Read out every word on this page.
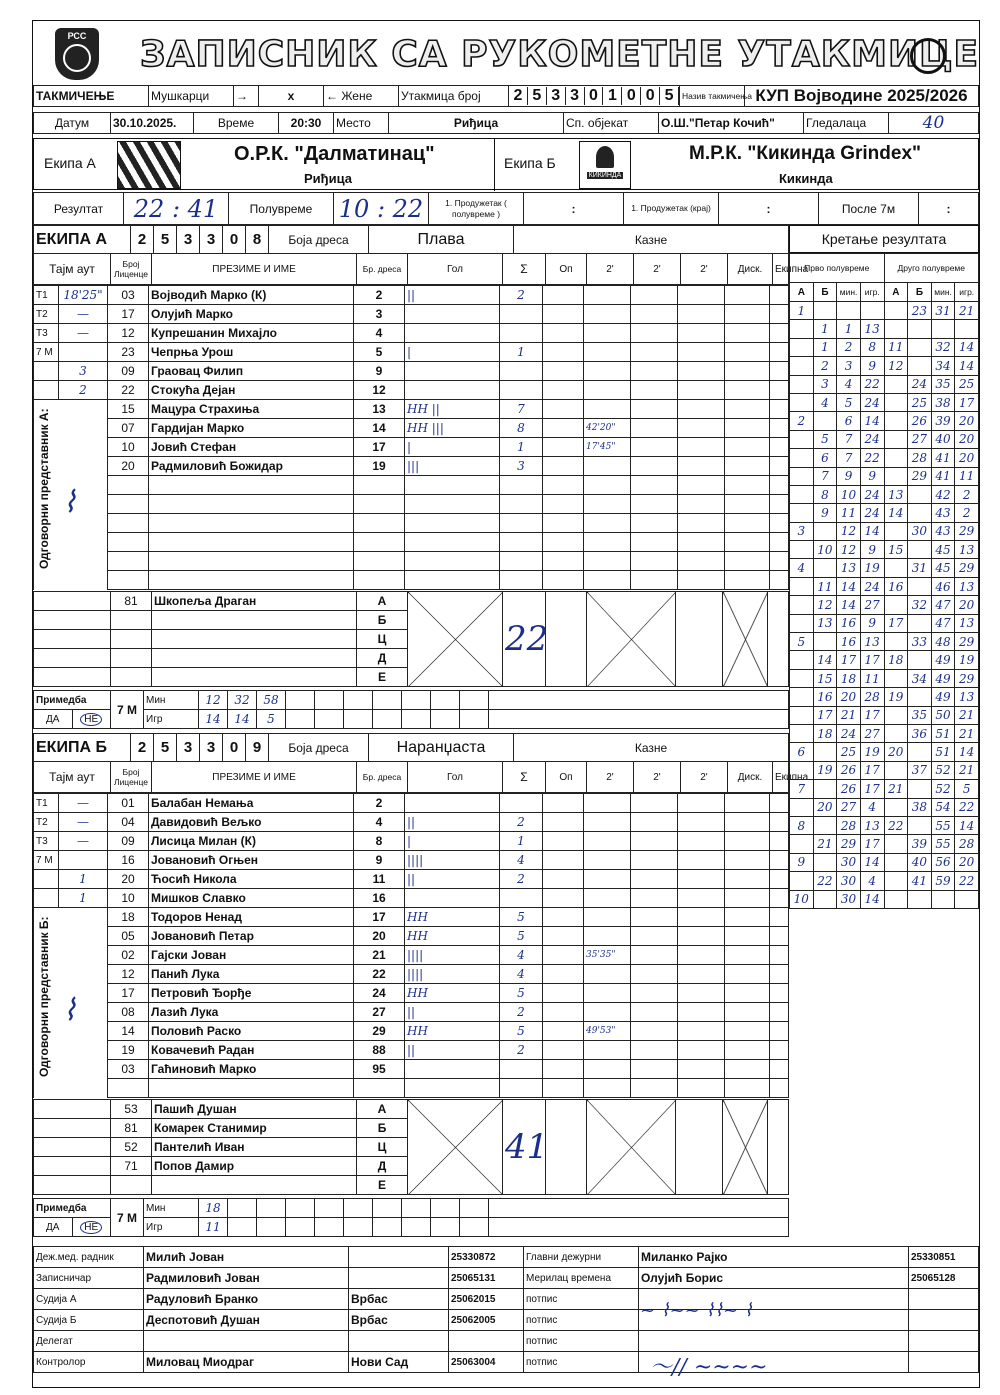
РСС	ЗАПИСНИК СА РУКОМЕТНЕ УТАКМИЦЕ
ТАКМИЧЕЊЕ	Мушкарци	→	x	← Жене	Утакмица број	2 5 3 3 0 1 0 0 5	Назив такмичења	КУП Војводине 2025/2026
Датум	30.10.2025.	Време	20:30	Место	Риђица	Сп. објекат	О.Ш."Петар Кочић"	Гледалаца	40
Екипа А	О.Р.К. "Далматинац"
Риђица
Екипа Б
КИКИНДА
М.Р.К. "Кикинда Grindex"
Кикинда
Резултат	22 : 41	Полувреме	10 : 22	1. Продужетак ( полувреме )	:	1. Продужетак (крај)	:	После 7м	:
ЕКИПА А	2	5	3	3	0	8	Боја дреса	Плава	Казне
Тајм аут	Број Лиценце	ПРЕЗИМЕ И ИМЕ	Бр. дреса	Гол	Σ	Оп	2'	2'	2'	Диск.	Екипна
T1	18'25"	03	Војводић Марко (К)	2	||	2						
T2	—	17	Олујић Марко	3								
T3	—	12	Купрешанин Михајло	4								
7 M		23	Чепрња Урош	5	|	1						
	3	09	Граовац Филип	9								
	2	22	Стокућа Дејан	12								
		15	Мацура Страхиња	13	HH ||	7						
		07	Гардијан Марко	14	HH |||	8		42'20"				
		10	Јовић Стефан	17	|	1		17'45"				
		20	Радмиловић Божидар	19	|||	3						

	81	Шкопеља Драган	А		22					
			Б							
			Ц							
			Д							
			Е							
Примедба		7 М	Мин	12	32	58								
ДА	НЕ		Игр	14	14	5								
Одговорни представник А: ⌇
ЕКИПА Б	2	5	3	3	0	9	Боја дреса	Наранџаста	Казне
Тајм аут	Број Лиценце	ПРЕЗИМЕ И ИМЕ	Бр. дреса	Гол	Σ	Оп	2'	2'	2'	Диск.	Екипна
T1	—	01	Балабан Немања	2								
T2	—	04	Давидовић Вељко	4	||	2						
T3	—	09	Лисица Милан (К)	8	|	1						
7 M		16	Јовановић Огњен	9	||||	4						
	1	20	Ћосић Никола	11	||	2						
	1	10	Мишков Славко	16								
		18	Тодоров Ненад	17	HH	5						
		05	Јовановић Петар	20	HH	5						
		02	Гајски Јован	21	||||	4		35'35"				
		12	Панић Лука	22	||||	4						
		17	Петровић Ђорђе	24	HH	5						
		08	Лазић Лука	27	||	2						
		14	Половић Раско	29	HH	5		49'53"				
		19	Ковачевић Радан	88	||	2						
		03	Гаћиновић Марко	95								

	53	Пашић Душан	А		41					
	81	Комарек Станимир	Б							
	52	Пантелић Иван	Ц							
	71	Попов Дамир	Д							
			Е							
Примедба		7 М	Мин	18										
ДА	НЕ		Игр	11										
Одговорни представник Б: ⌇
Кретање резултата
Прво полувреме				Друго полувреме			
А	Б	мин.	игр.	А	Б	мин.	игр.
1					23	31	21
	1	1	13				
	1	2	8	11		32	14
	2	3	9	12		34	14
	3	4	22		24	35	25
	4	5	24		25	38	17
2		6	14		26	39	20
	5	7	24		27	40	20
	6	7	22		28	41	20
	7	9	9		29	41	11
	8	10	24	13		42	2
	9	11	24	14		43	2
3		12	14		30	43	29
	10	12	9	15		45	13
4		13	19		31	45	29
	11	14	24	16		46	13
	12	14	27		32	47	20
	13	16	9	17		47	13
5		16	13		33	48	29
	14	17	17	18		49	19
	15	18	11		34	49	29
	16	20	28	19		49	13
	17	21	17		35	50	21
	18	24	27		36	51	21
6		25	19	20		51	14
	19	26	17		37	52	21
7		26	17	21		52	5
	20	27	4		38	54	22
8		28	13	22		55	14
	21	29	17		39	55	28
9		30	14		40	56	20
	22	30	4		41	59	22
10		30	14				
Деж.мед. радник	Милић Јован		25330872	Главни дежурни	Миланко Рајко	25330851
Записничар	Радмиловић Јован		25065131	Мерилац времена	Олујић Борис	25065128
Судија А	Радуловић Бранко	Врбас	25062015	потпис		
Судија Б	Деспотовић Душан	Врбас	25062005	потпис		
Делегат				потпис		
Контролор	Миловац Миодраг	Нови Сад	25063004	потпис		
~ ⌇~~ ⌇⌇~ ⌇
〜∕∕ ~~~~
